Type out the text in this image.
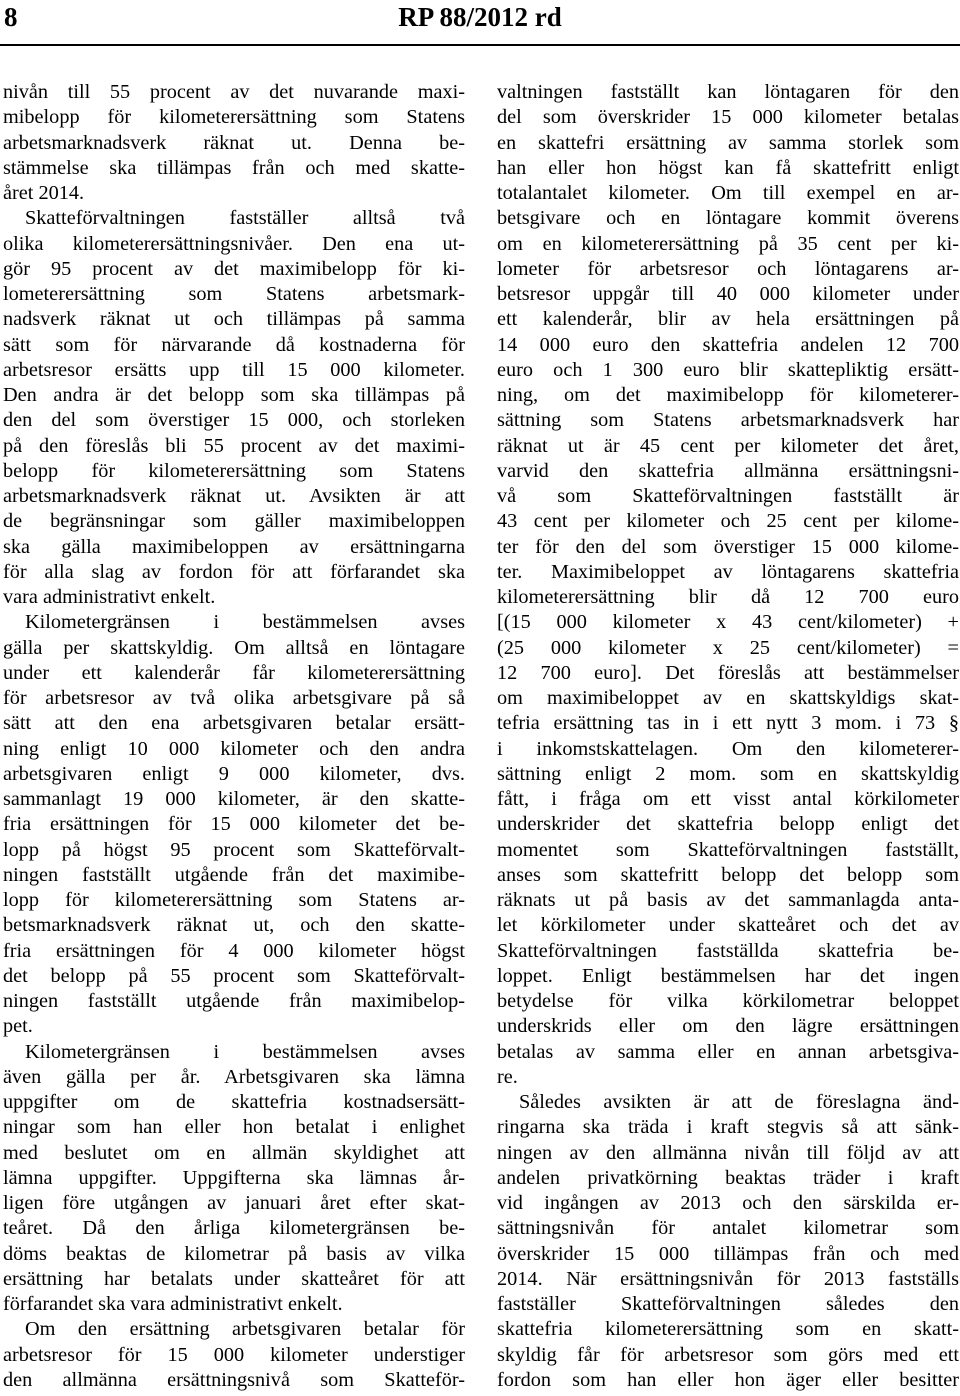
8	RP 88/2012 rd
nivån till 55 procent av det nuvarande maxi-
mibelopp för kilometerersättning som Statens
arbetsmarknadsverk räknat ut. Denna be-
stämmelse ska tillämpas från och med skatte-
året 2014.
Skatteförvaltningen fastställer alltså två
olika kilometerersättningsnivåer. Den ena ut-
gör 95 procent av det maximibelopp för ki-
lometerersättning som Statens arbetsmark-
nadsverk räknat ut och tillämpas på samma
sätt som för närvarande då kostnaderna för
arbetsresor ersätts upp till 15 000 kilometer.
Den andra är det belopp som ska tillämpas på
den del som överstiger 15 000, och storleken
på den föreslås bli 55 procent av det maximi-
belopp för kilometerersättning som Statens
arbetsmarknadsverk räknat ut. Avsikten är att
de begränsningar som gäller maximibeloppen
ska gälla maximibeloppen av ersättningarna
för alla slag av fordon för att förfarandet ska
vara administrativt enkelt.
Kilometergränsen i bestämmelsen avses
gälla per skattskyldig. Om alltså en löntagare
under ett kalenderår får kilometerersättning
för arbetsresor av två olika arbetsgivare på så
sätt att den ena arbetsgivaren betalar ersätt-
ning enligt 10 000 kilometer och den andra
arbetsgivaren enligt 9 000 kilometer, dvs.
sammanlagt 19 000 kilometer, är den skatte-
fria ersättningen för 15 000 kilometer det be-
lopp på högst 95 procent som Skatteförvalt-
ningen fastställt utgående från det maximibe-
lopp för kilometerersättning som Statens ar-
betsmarknadsverk räknat ut, och den skatte-
fria ersättningen för 4 000 kilometer högst
det belopp på 55 procent som Skatteförvalt-
ningen fastställt utgående från maximibelop-
pet.
Kilometergränsen i bestämmelsen avses
även gälla per år. Arbetsgivaren ska lämna
uppgifter om de skattefria kostnadsersätt-
ningar som han eller hon betalat i enlighet
med beslutet om en allmän skyldighet att
lämna uppgifter. Uppgifterna ska lämnas år-
ligen före utgången av januari året efter skat-
teåret. Då den årliga kilometergränsen be-
döms beaktas de kilometrar på basis av vilka
ersättning har betalats under skatteåret för att
förfarandet ska vara administrativt enkelt.
Om den ersättning arbetsgivaren betalar för
arbetsresor för 15 000 kilometer understiger
den allmänna ersättningsnivå som Skatteför-
valtningen fastställt kan löntagaren för den
del som överskrider 15 000 kilometer betalas
en skattefri ersättning av samma storlek som
han eller hon högst kan få skattefritt enligt
totalantalet kilometer. Om till exempel en ar-
betsgivare och en löntagare kommit överens
om en kilometerersättning på 35 cent per ki-
lometer för arbetsresor och löntagarens ar-
betsresor uppgår till 40 000 kilometer under
ett kalenderår, blir av hela ersättningen på
14 000 euro den skattefria andelen 12 700
euro och 1 300 euro blir skattepliktig ersätt-
ning, om det maximibelopp för kilometerer-
sättning som Statens arbetsmarknadsverk har
räknat ut är 45 cent per kilometer det året,
varvid den skattefria allmänna ersättningsni-
vå som Skatteförvaltningen fastställt är
43 cent per kilometer och 25 cent per kilome-
ter för den del som överstiger 15 000 kilome-
ter. Maximibeloppet av löntagarens skattefria
kilometerersättning blir då 12 700 euro
[(15 000 kilometer x 43 cent/kilometer) +
(25 000 kilometer x 25 cent/kilometer) =
12 700 euro]. Det föreslås att bestämmelser
om maximibeloppet av en skattskyldigs skat-
tefria ersättning tas in i ett nytt 3 mom. i 73 §
i inkomstskattelagen. Om den kilometerer-
sättning enligt 2 mom. som en skattskyldig
fått, i fråga om ett visst antal körkilometer
underskrider det skattefria belopp enligt det
momentet som Skatteförvaltningen fastställt,
anses som skattefritt belopp det belopp som
räknats ut på basis av det sammanlagda anta-
let körkilometer under skatteåret och det av
Skatteförvaltningen fastställda skattefria be-
loppet. Enligt bestämmelsen har det ingen
betydelse för vilka körkilometrar beloppet
underskrids eller om den lägre ersättningen
betalas av samma eller en annan arbetsgiva-
re.
Således avsikten är att de föreslagna änd-
ringarna ska träda i kraft stegvis så att sänk-
ningen av den allmänna nivån till följd av att
andelen privatkörning beaktas träder i kraft
vid ingången av 2013 och den särskilda er-
sättningsnivån för antalet kilometrar som
överskrider 15 000 tillämpas från och med
2014. När ersättningsnivån för 2013 fastställs
fastställer Skatteförvaltningen således den
skattefria kilometerersättning som en skatt-
skyldig får för arbetsresor som görs med ett
fordon som han eller hon äger eller besitter
